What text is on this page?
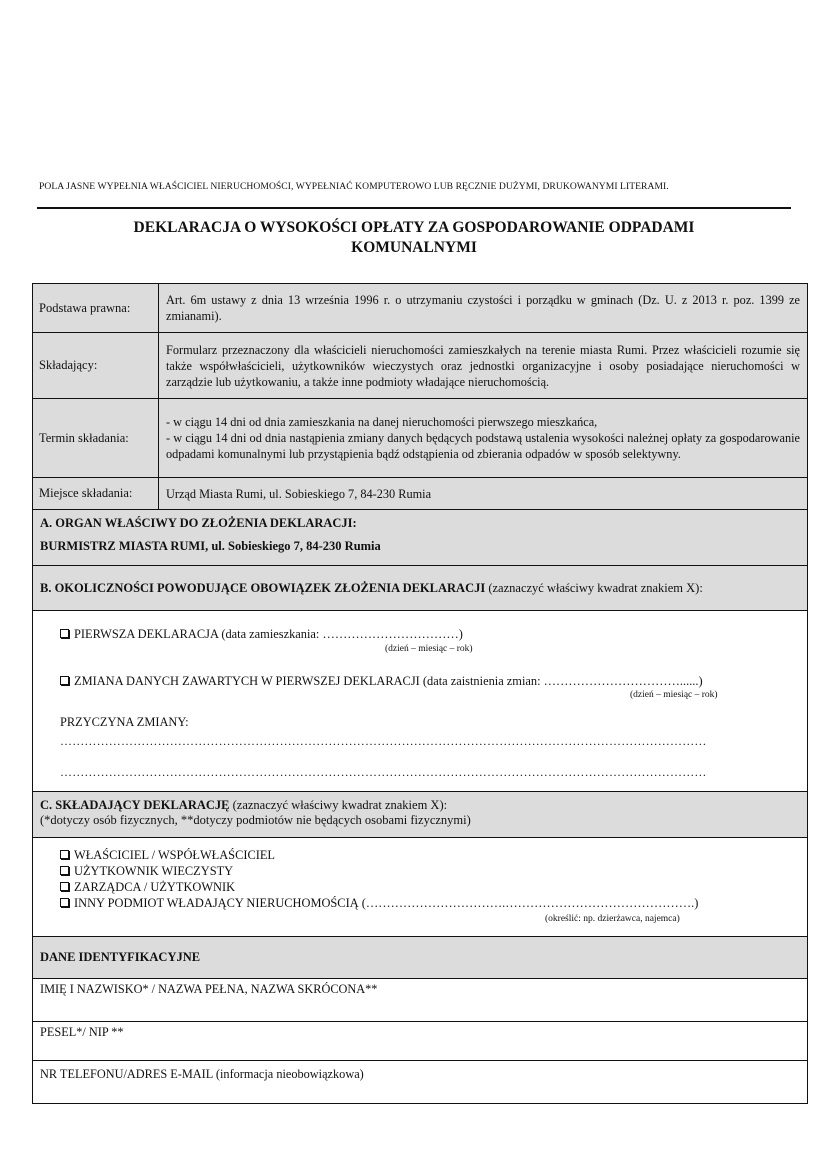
POLA JASNE WYPEŁNIA WŁAŚCICIEL NIERUCHOMOŚCI, WYPEŁNIAĆ KOMPUTEROWO LUB RĘCZNIE DUŻYMI, DRUKOWANYMI LITERAMI.
DEKLARACJA O WYSOKOŚCI OPŁATY ZA GOSPODAROWANIE ODPADAMI
KOMUNALNYMI
Podstawa prawna:
Art. 6m ustawy z dnia 13 września 1996 r. o utrzymaniu czystości i porządku w gminach (Dz. U. z 2013 r. poz. 1399 ze zmianami).
Składający:
Formularz przeznaczony dla właścicieli nieruchomości zamieszkałych na terenie miasta Rumi. Przez właścicieli rozumie się także współwłaścicieli, użytkowników wieczystych oraz jednostki organizacyjne i osoby posiadające nieruchomości w zarządzie lub użytkowaniu, a także inne podmioty władające nieruchomością.
Termin składania:
- w ciągu 14 dni od dnia zamieszkania na danej nieruchomości pierwszego mieszkańca,
- w ciągu 14 dni od dnia nastąpienia zmiany danych będących podstawą ustalenia wysokości należnej opłaty za gospodarowanie odpadami komunalnymi lub przystąpienia bądź odstąpienia od zbierania odpadów w sposób selektywny.
Miejsce składania:	Urząd Miasta Rumi, ul. Sobieskiego 7, 84-230 Rumia
A. ORGAN WŁAŚCIWY DO ZŁOŻENIA DEKLARACJI:
BURMISTRZ MIASTA RUMI, ul. Sobieskiego 7, 84-230 Rumia
B. OKOLICZNOŚCI POWODUJĄCE OBOWIĄZEK ZŁOŻENIA DEKLARACJI (zaznaczyć właściwy kwadrat znakiem X):
PIERWSZA DEKLARACJA (data zamieszkania: ……………………………)
(dzień – miesiąc – rok)
ZMIANA DANYCH ZAWARTYCH W PIERWSZEJ DEKLARACJI (data zaistnienia zmian: ……………………………......)
(dzień – miesiąc – rok)
PRZYCZYNA ZMIANY:
……………………………………………………………………………………………………………………………………………
……………………………………………………………………………………………………………………………………………
C. SKŁADAJĄCY DEKLARACJĘ (zaznaczyć właściwy kwadrat znakiem X):
(*dotyczy osób fizycznych, **dotyczy podmiotów nie będących osobami fizycznymi)
WŁAŚCICIEL / WSPÓŁWŁAŚCICIEL
UŻYTKOWNIK WIECZYSTY
ZARZĄDCA / UŻYTKOWNIK
INNY PODMIOT WŁADAJĄCY NIERUCHOMOŚCIĄ (…………………………….……………………………………….)
(określić: np. dzierżawca, najemca)
DANE IDENTYFIKACYJNE
IMIĘ I NAZWISKO* / NAZWA PEŁNA, NAZWA SKRÓCONA**
PESEL*/ NIP **
NR TELEFONU/ADRES E-MAIL (informacja nieobowiązkowa)
